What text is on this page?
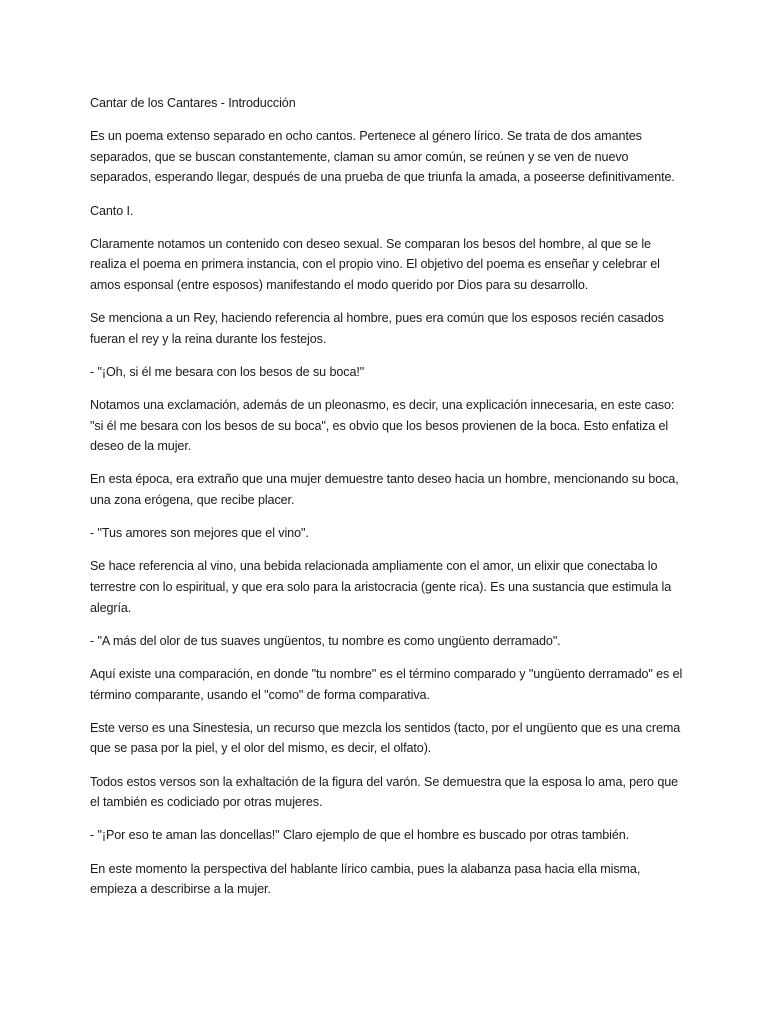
Cantar de los Cantares - Introducción

Es un poema extenso separado en ocho cantos. Pertenece al género lírico. Se trata de dos amantes separados, que se buscan constantemente, claman su amor común, se reúnen y se ven de nuevo separados, esperando llegar, después de una prueba de que triunfa la amada, a poseerse definitivamente.

Canto I.

Claramente notamos un contenido con deseo sexual. Se comparan los besos del hombre, al que se le realiza el poema en primera instancia, con el propio vino. El objetivo del poema es enseñar y celebrar el amos esponsal (entre esposos) manifestando el modo querido por Dios para su desarrollo.

Se menciona a un Rey, haciendo referencia al hombre, pues era común que los esposos recién casados fueran el rey y la reina durante los festejos.

- "¡Oh, si él me besara con los besos de su boca!"

Notamos una exclamación, además de un pleonasmo, es decir, una explicación innecesaria, en este caso: "si él me besara con los besos de su boca", es obvio que los besos provienen de la boca. Esto enfatiza el deseo de la mujer.

En esta época, era extraño que una mujer demuestre tanto deseo hacia un hombre, mencionando su boca, una zona erógena, que recibe placer.

- "Tus amores son mejores que el vino".

Se hace referencia al vino, una bebida relacionada ampliamente con el amor, un elixir que conectaba lo terrestre con lo espiritual, y que era solo para la aristocracia (gente rica). Es una sustancia que estimula la alegría.

- "A más del olor de tus suaves ungüentos, tu nombre es como ungüento derramado".

Aquí existe una comparación, en donde "tu nombre" es el término comparado y "ungüento derramado" es el término comparante, usando el "como" de forma comparativa.

Este verso es una Sinestesia, un recurso que mezcla los sentidos (tacto, por el ungüento que es una crema que se pasa por la piel, y el olor del mismo, es decir, el olfato).

Todos estos versos son la exhaltación de la figura del varón. Se demuestra que la esposa lo ama, pero que el también es codiciado por otras mujeres.

- "¡Por eso te aman las doncellas!" Claro ejemplo de que el hombre es buscado por otras también.

En este momento la perspectiva del hablante lírico cambia, pues la alabanza pasa hacia ella misma, empieza a describirse a la mujer.
